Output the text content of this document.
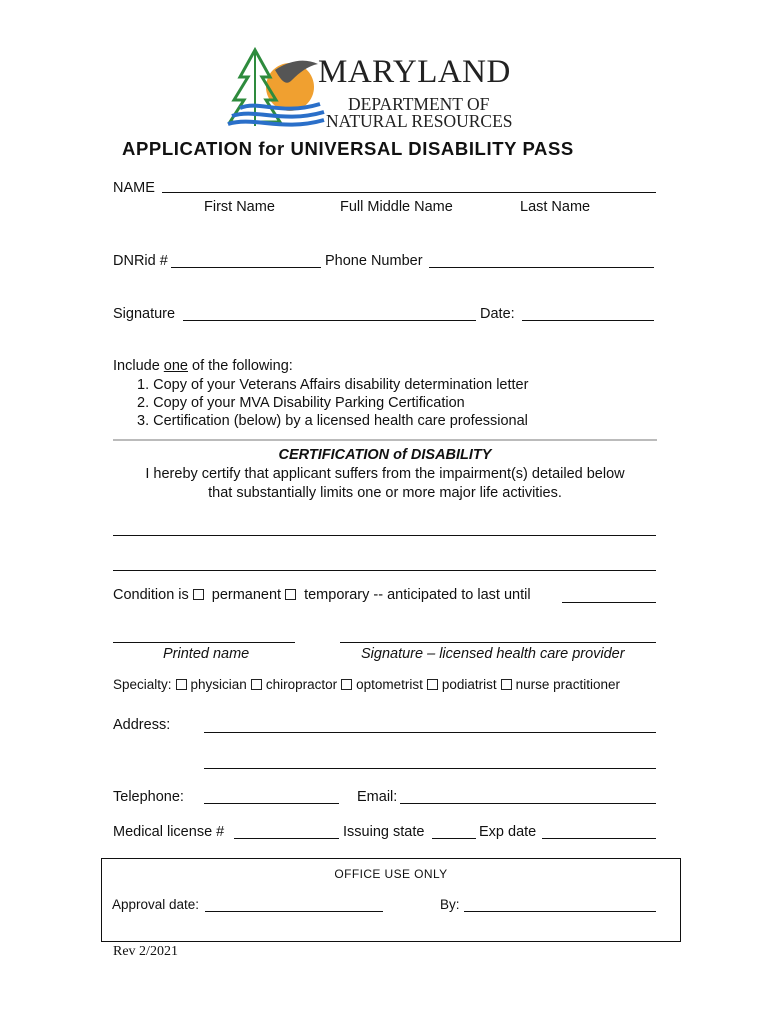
MARYLAND
DEPARTMENT OF
NATURAL RESOURCES
APPLICATION for UNIVERSAL DISABILITY PASS
NAME
First Name	Full Middle Name	Last Name
DNRid #	Phone Number
Signature	Date:
Include one of the following:
1. Copy of your Veterans Affairs disability determination letter
2. Copy of your MVA Disability Parking Certification
3. Certification (below) by a licensed health care professional
CERTIFICATION of DISABILITY
I hereby certify that applicant suffers from the impairment(s) detailed below
that substantially limits one or more major life activities.
Condition is permanent temporary -- anticipated to last until
Printed name	Signature – licensed health care provider
Specialty: physician chiropractor optometrist podiatrist nurse practitioner
Address:
Telephone:	Email:
Medical license #	Issuing state	Exp date
OFFICE USE ONLY
Approval date:	By:
Rev 2/2021
